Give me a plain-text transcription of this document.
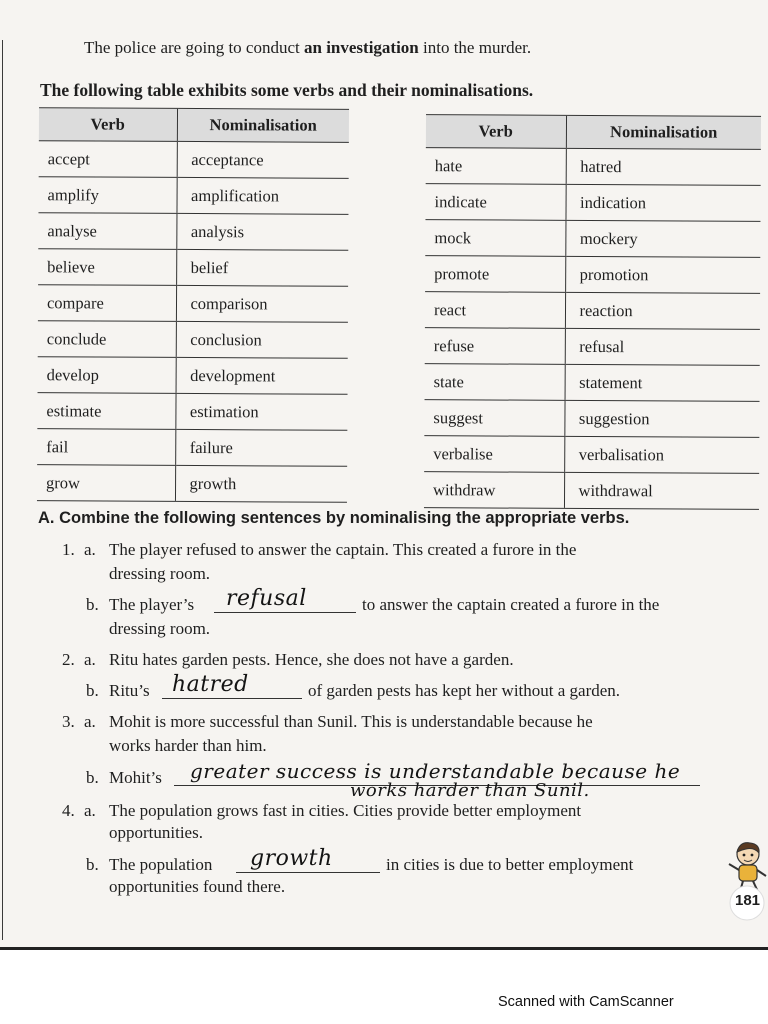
The police are going to conduct an investigation into the murder.
The following table exhibits some verbs and their nominalisations.
Verb	Nominalisation
accept	acceptance
amplify	amplification
analyse	analysis
believe	belief
compare	comparison
conclude	conclusion
develop	development
estimate	estimation
fail	failure
grow	growth
Verb	Nominalisation
hate	hatred
indicate	indication
mock	mockery
promote	promotion
react	reaction
refuse	refusal
state	statement
suggest	suggestion
verbalise	verbalisation
withdraw	withdrawal
A. Combine the following sentences by nominalising the appropriate verbs.
1. a. The player refused to answer the captain. This created a furore in the
dressing room.
b. The player’s refusal	to answer the captain created a furore in the
dressing room.
2. a. Ritu hates garden pests. Hence, she does not have a garden.
b. Ritu’s hatred	of garden pests has kept her without a garden.
3. a. Mohit is more successful than Sunil. This is understandable because he
works harder than him.
b. Mohit’s greater success is understandable because he
works harder than Sunil.
4. a. The population grows fast in cities. Cities provide better employment
opportunities.
b. The population growth	in cities is due to better employment
opportunities found there.
181
Scanned with CamScanner
